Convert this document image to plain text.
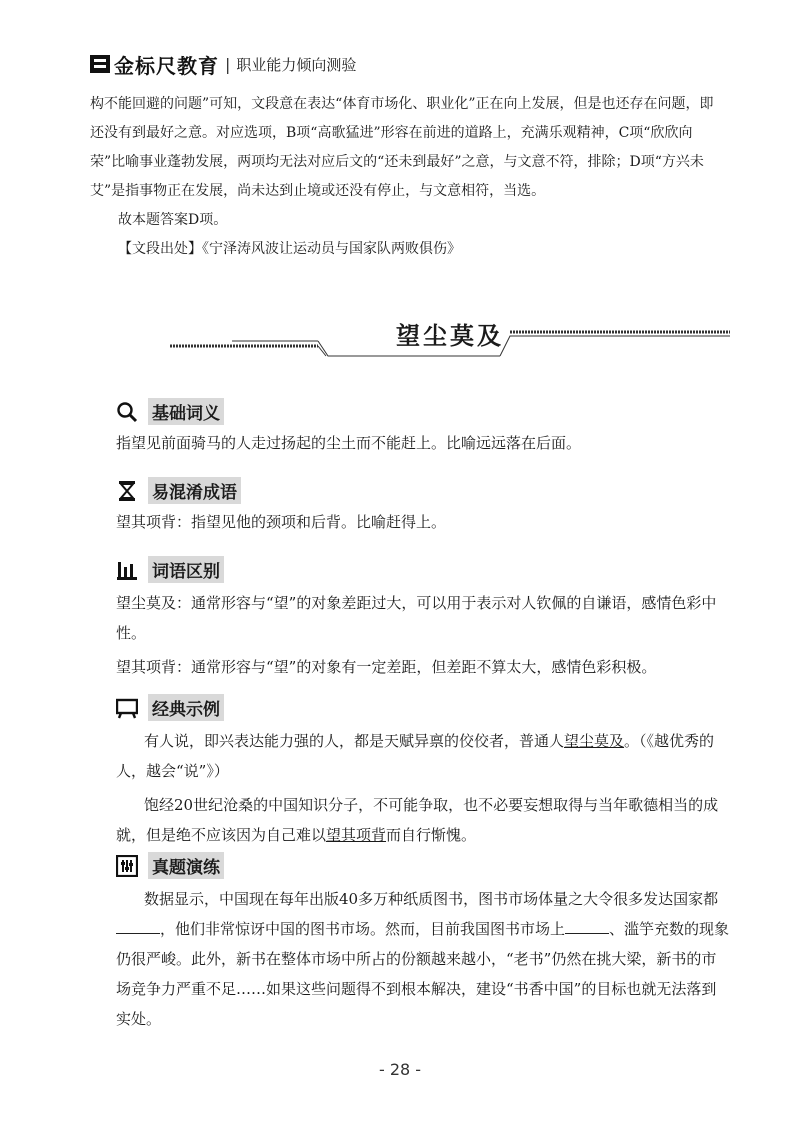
金标尺教育 | 职业能力倾向测验

构不能回避的问题”可知，文段意在表达“体育市场化、职业化”正在向上发展，但是也还存在问题，即还没有到最好之意。对应选项，B项“高歌猛进”形容在前进的道路上，充满乐观精神，C项“欣欣向荣”比喻事业蓬勃发展，两项均无法对应后文的“还未到最好”之意，与文意不符，排除；D项“方兴未艾”是指事物正在发展，尚未达到止境或还没有停止，与文意相符，当选。

故本题答案D项。

【文段出处】《宁泽涛风波让运动员与国家队两败俱伤》

望尘莫及
基础词义

指望见前面骑马的人走过扬起的尘土而不能赶上。比喻远远落在后面。

易混淆成语

望其项背：指望见他的颈项和后背。比喻赶得上。

词语区别

望尘莫及：通常形容与“望”的对象差距过大，可以用于表示对人钦佩的自谦语，感情色彩中性。

望其项背：通常形容与“望”的对象有一定差距，但差距不算太大，感情色彩积极。

经典示例

有人说，即兴表达能力强的人，都是天赋异禀的佼佼者，普通人望尘莫及。（《越优秀的人，越会“说”》）

饱经20世纪沧桑的中国知识分子，不可能争取，也不必要妄想取得与当年歌德相当的成就，但是绝不应该因为自己难以望其项背而自行惭愧。

真题演练

数据显示，中国现在每年出版40多万种纸质图书，图书市场体量之大令很多发达国家都，他们非常惊讶中国的图书市场。然而，目前我国图书市场上	、滥竽充数的现象仍很严峻。此外，新书在整体市场中所占的份额越来越小，“老书”仍然在挑大梁，新书的市场竞争力严重不足……如果这些问题得不到根本解决，建设“书香中国”的目标也就无法落到实处。

- 28 -
